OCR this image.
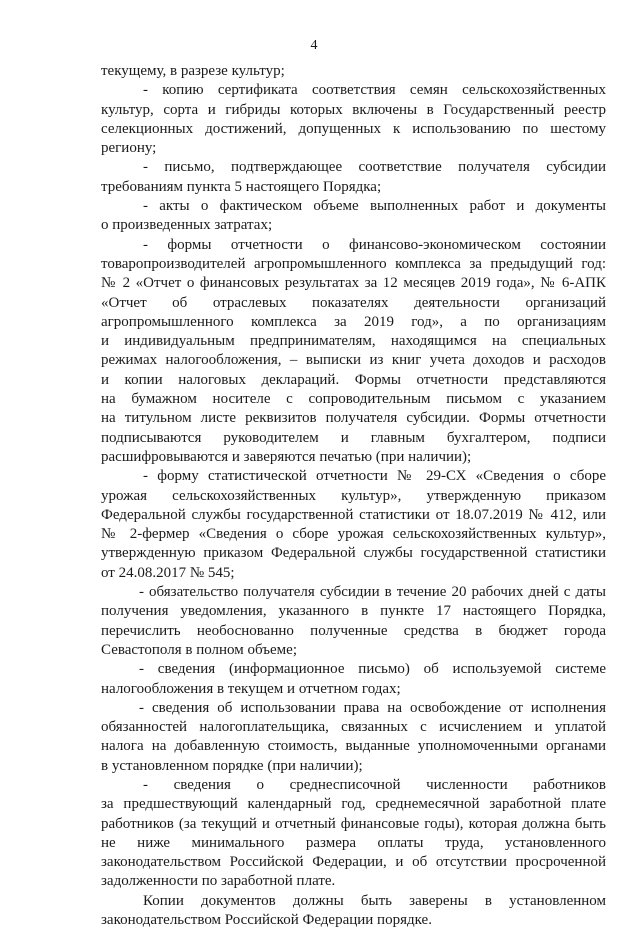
4
текущему, в разрезе культур;
- копию сертификата соответствия семян сельскохозяйственных
культур, сорта и гибриды которых включены в Государственный реестр
селекционных достижений, допущенных к использованию по шестому
региону;
- письмо, подтверждающее соответствие получателя субсидии
требованиям пункта 5 настоящего Порядка;
- акты о фактическом объеме выполненных работ и документы
о произведенных затратах;
- формы отчетности о финансово-экономическом состоянии
товаропроизводителей агропромышленного комплекса за предыдущий год:
№ 2 «Отчет о финансовых результатах за 12 месяцев 2019 года», № 6-АПК
«Отчет об отраслевых показателях деятельности организаций
агропромышленного комплекса за 2019 год», а по организациям
и индивидуальным предпринимателям, находящимся на специальных
режимах налогообложения, – выписки из книг учета доходов и расходов
и копии налоговых деклараций. Формы отчетности представляются
на бумажном носителе с сопроводительным письмом с указанием
на титульном листе реквизитов получателя субсидии. Формы отчетности
подписываются руководителем и главным бухгалтером, подписи
расшифровываются и заверяются печатью (при наличии);
- форму статистической отчетности № 29-СХ «Сведения о сборе
урожая сельскохозяйственных культур», утвержденную приказом
Федеральной службы государственной статистики от 18.07.2019 № 412, или
№ 2-фермер «Сведения о сборе урожая сельскохозяйственных культур»,
утвержденную приказом Федеральной службы государственной статистики
от 24.08.2017 № 545;
- обязательство получателя субсидии в течение 20 рабочих дней с даты
получения уведомления, указанного в пункте 17 настоящего Порядка,
перечислить необоснованно полученные средства в бюджет города
Севастополя в полном объеме;
- сведения (информационное письмо) об используемой системе
налогообложения в текущем и отчетном годах;
- сведения об использовании права на освобождение от исполнения
обязанностей налогоплательщика, связанных с исчислением и уплатой
налога на добавленную стоимость, выданные уполномоченными органами
в установленном порядке (при наличии);
- сведения о среднесписочной численности работников
за предшествующий календарный год, среднемесячной заработной плате
работников (за текущий и отчетный финансовые годы), которая должна быть
не ниже минимального размера оплаты труда, установленного
законодательством Российской Федерации, и об отсутствии просроченной
задолженности по заработной плате.
Копии документов должны быть заверены в установленном
законодательством Российской Федерации порядке.
